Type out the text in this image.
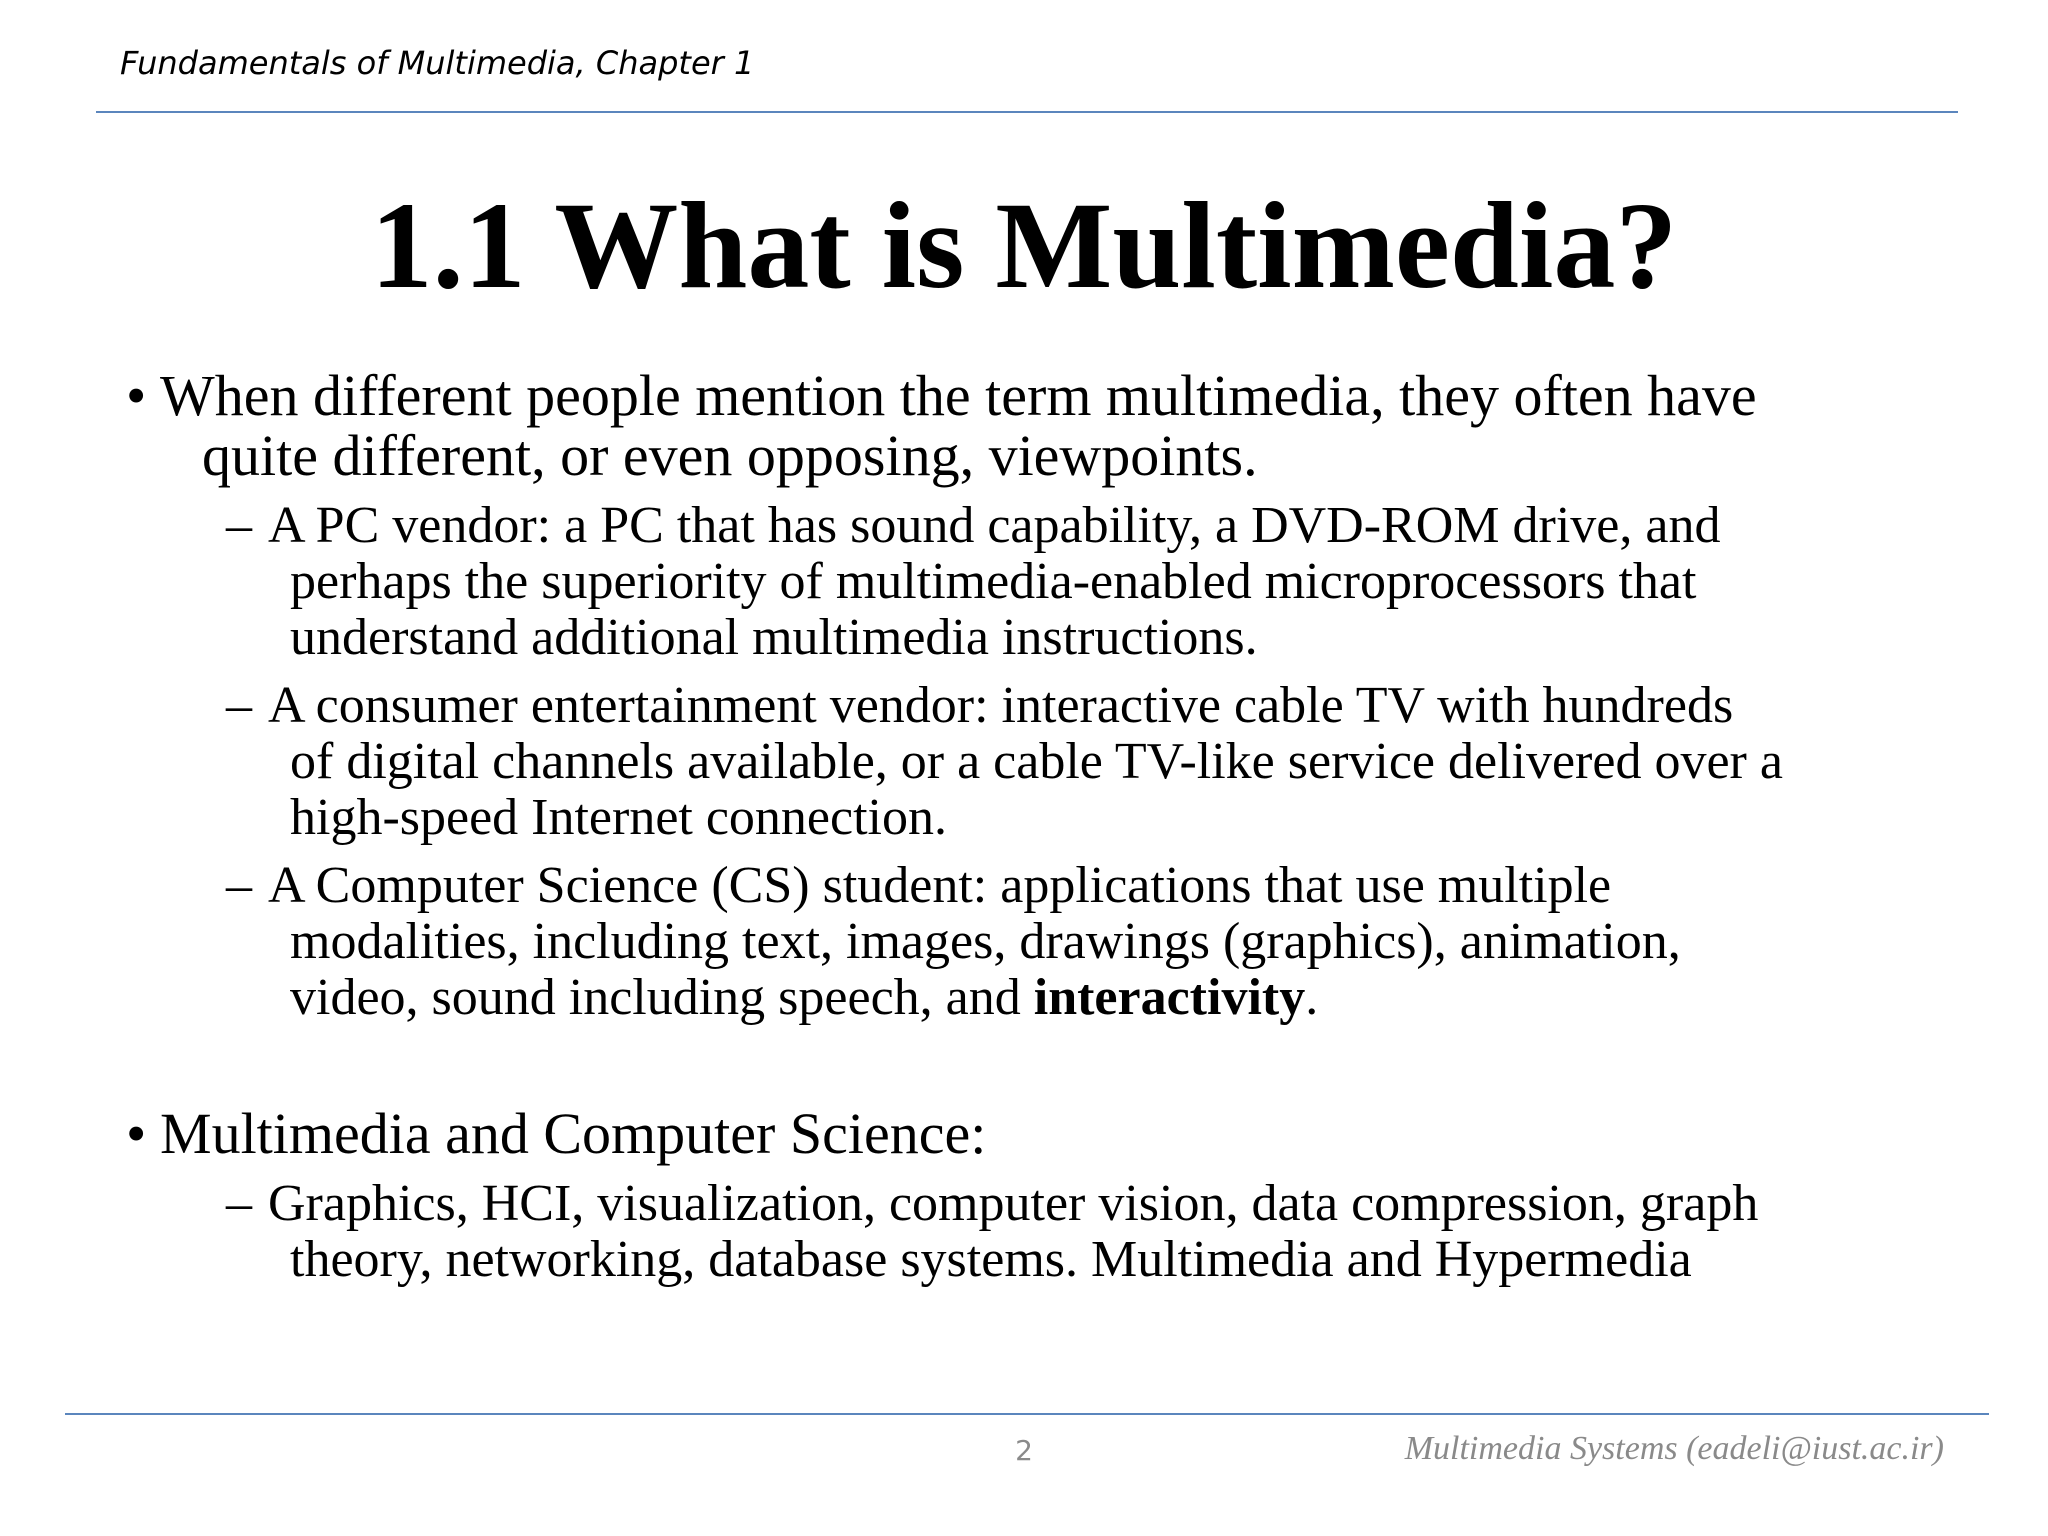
Fundamentals of Multimedia, Chapter 1
1.1 What is Multimedia?
• When different people mention the term multimedia, they often have
quite different, or even opposing, viewpoints.
– A PC vendor: a PC that has sound capability, a DVD-ROM drive, and
perhaps the superiority of multimedia-enabled microprocessors that
understand additional multimedia instructions.
– A consumer entertainment vendor: interactive cable TV with hundreds
of digital channels available, or a cable TV-like service delivered over a
high-speed Internet connection.
– A Computer Science (CS) student: applications that use multiple
modalities, including text, images, drawings (graphics), animation,
video, sound including speech, and interactivity.
• Multimedia and Computer Science:
– Graphics, HCI, visualization, computer vision, data compression, graph
theory, networking, database systems. Multimedia and Hypermedia
2	Multimedia Systems (eadeli@iust.ac.ir)
